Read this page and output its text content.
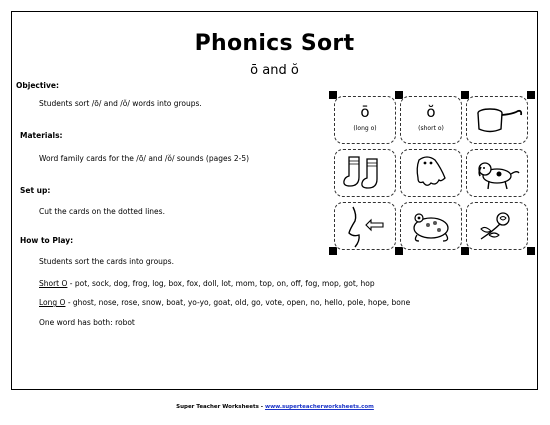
Phonics Sort
ō and ŏ
Objective:
Students sort /ō/ and /ŏ/ words into groups.
Materials:
Word family cards for the /ō/ and /ŏ/ sounds (pages 2-5)
Set up:
Cut the cards on the dotted lines.
How to Play:
Students sort the cards into groups.
Short O - pot, sock, dog, frog, log, box, fox, doll, lot, mom, top, on, off, fog, mop, got, hop
Long O - ghost, nose, rose, snow, boat, yo-yo, goat, old, go, vote, open, no, hello, pole, hope, bone
One word has both: robot
ō
(long o)
ŏ
(short o)
Super Teacher Worksheets - www.superteacherworksheets.com
